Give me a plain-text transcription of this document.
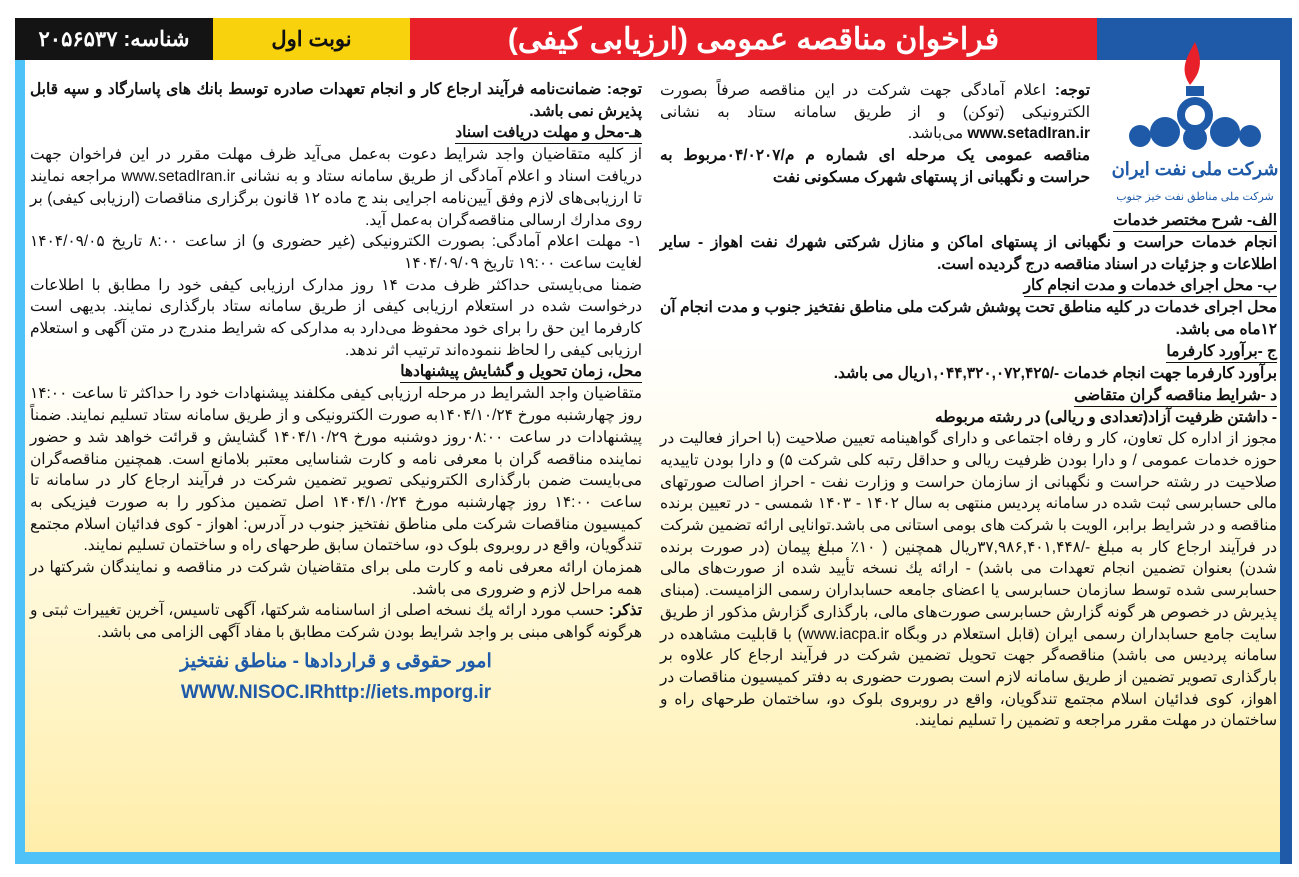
شناسه: ۲۰۵۶۵۳۷	نوبت اول	فراخوان مناقصه عمومی (ارزیابی کیفی)
شرکت ملی نفت ایران
شرکت ملی مناطق نفت خیز جنوب

توجه: اعلام آمادگی جهت شرکت در این مناقصه صرفاً بصورت الکترونیکی (توکن) و از طریق سامانه ستاد به نشانی www.setadIran.ir می‌باشد.

مناقصه عمومی یک مرحله ای شماره م م/۰۴/۰۲۰۷مربوط به حراست و نگهبانی از پستهای شهرک مسکونی نفت

الف- شرح مختصر خدمات

انجام خدمات حراست و نگهبانی از پستهای اماکن و منازل شرکتی شهرك نفت اهواز - سایر اطلاعات و جزئیات در اسناد مناقصه درج گردیده است.

ب- محل اجرای خدمات و مدت انجام کار

محل اجرای خدمات در کلیه مناطق تحت پوشش شرکت ملی مناطق نفتخیز جنوب و مدت انجام آن ۱۲ماه می باشد.

ج -برآورد کارفرما

برآورد کارفرما جهت انجام خدمات -/۱,۰۴۴,۳۲۰,۰۷۲,۴۲۵ریال می باشد.

د -شرایط مناقصه گران متقاضی

- داشتن ظرفیت آزاد(تعدادی و ریالی) در رشته مربوطه

مجوز از اداره کل تعاون، کار و رفاه اجتماعی و دارای گواهینامه تعیین صلاحیت (با احراز فعالیت در حوزه خدمات عمومی / و دارا بودن ظرفیت ریالی و حداقل رتبه کلی شرکت ۵) و دارا بودن تاییدیه صلاحیت در رشته حراست و نگهبانی از سازمان حراست و وزارت نفت - احراز اصالت صورتهای مالی حسابرسی ثبت شده در سامانه پردیس منتهی به سال ۱۴۰۲ - ۱۴۰۳ شمسی - در تعیین برنده مناقصه و در شرایط برابر، الویت با شرکت های بومی استانی می باشد.توانایی ارائه تضمین شرکت در فرآیند ارجاع کار به مبلغ -/۳۷,۹۸۶,۴۰۱,۴۴۸ریال همچنین ( ۱۰٪ مبلغ پیمان (در صورت برنده شدن) بعنوان تضمین انجام تعهدات می باشد) - ارائه یك نسخه تأیید شده از صورت‌های مالی حسابرسی شده توسط سازمان حسابرسی یا اعضای جامعه حسابداران رسمی الزامیست. (مبنای پذیرش در خصوص هر گونه گزارش حسابرسی صورت‌های مالی، بارگذاری گزارش مذکور از طریق سایت جامع حسابداران رسمی ایران (قابل استعلام در وبگاه www.iacpa.ir) با قابلیت مشاهده در سامانه پردیس می باشد) مناقصه‌گر جهت تحویل تضمین شرکت در فرآیند ارجاع کار علاوه بر بارگذاری تصویر تضمین از طریق سامانه لازم است بصورت حضوری به دفتر کمیسیون مناقصات در اهواز، کوی فدائیان اسلام مجتمع تندگویان، واقع در روبروی بلوک دو، ساختمان طرحهای راه و ساختمان در مهلت مقرر مراجعه و تضمین را تسلیم نمایند.

توجه: ضمانت‌نامه فرآیند ارجاع کار و انجام تعهدات صادره توسط بانك های پاسارگاد و سپه قابل پذیرش نمی باشد.

هـ-محل و مهلت دریافت اسناد

از کلیه متقاضیان واجد شرایط دعوت به‌عمل می‌آید ظرف مهلت مقرر در این فراخوان جهت دریافت اسناد و اعلام آمادگی از طریق سامانه ستاد و به نشانی www.setadIran.ir مراجعه نمایند تا ارزیابی‌های لازم وفق آیین‌نامه اجرایی بند ج ماده ۱۲ قانون برگزاری مناقصات (ارزیابی کیفی) بر روی مدارك ارسالی مناقصه‌گران به‌عمل آید.

۱- مهلت اعلام آمادگی: بصورت الکترونیکی (غیر حضوری و) از ساعت ۸:۰۰ تاریخ ۱۴۰۴/۰۹/۰۵ لغایت ساعت ۱۹:۰۰ تاریخ ۱۴۰۴/۰۹/۰۹

ضمنا می‌بایستی حداکثر ظرف مدت ۱۴ روز مدارک ارزیابی کیفی خود را مطابق با اطلاعات درخواست شده در استعلام ارزیابی کیفی از طریق سامانه ستاد بارگذاری نمایند. بدیهی است کارفرما این حق را برای خود محفوظ می‌دارد به مدارکی که شرایط مندرج در متن آگهی و استعلام ارزیابی کیفی را لحاظ ننموده‌اند ترتیب اثر ندهد.

محل، زمان تحویل و گشایش پیشنهادها

متقاضیان واجد الشرایط در مرحله ارزیابی کیفی مکلفند پیشنهادات خود را حداکثر تا ساعت ۱۴:۰۰ روز چهارشنبه مورخ ۱۴۰۴/۱۰/۲۴به صورت الکترونیکی و از طریق سامانه ستاد تسلیم نمایند. ضمناً پیشنهادات در ساعت ۰۸:۰۰روز دوشنبه مورخ ۱۴۰۴/۱۰/۲۹ گشایش و قرائت خواهد شد و حضور نماینده مناقصه گران با معرفی نامه و کارت شناسایی معتبر بلامانع است. همچنین مناقصه‌گران می‌بایست ضمن بارگذاری الکترونیکی تصویر تضمین شرکت در فرآیند ارجاع کار در سامانه تا ساعت ۱۴:۰۰ روز چهارشنبه مورخ ۱۴۰۴/۱۰/۲۴ اصل تضمین مذکور را به صورت فیزیکی به کمیسیون مناقصات شرکت ملی مناطق نفتخیز جنوب در آدرس: اهواز - کوی فدائیان اسلام مجتمع تندگویان، واقع در روبروی بلوک دو، ساختمان سابق طرحهای راه و ساختمان تسلیم نمایند.

همزمان ارائه معرفی نامه و کارت ملی برای متقاضیان شرکت در مناقصه و نمایندگان شرکتها در همه مراحل لازم و ضروری می باشد.

تذکر: حسب مورد ارائه یك نسخه اصلی از اساسنامه شرکتها، آگهی تاسیس، آخرین تغییرات ثبتی و هرگونه گواهی مبنی بر واجد شرایط بودن شرکت مطابق با مفاد آگهی الزامی می باشد.

امور حقوقی و قراردادها - مناطق نفتخیز
WWW.NISOC.IRhttp://iets.mporg.ir
